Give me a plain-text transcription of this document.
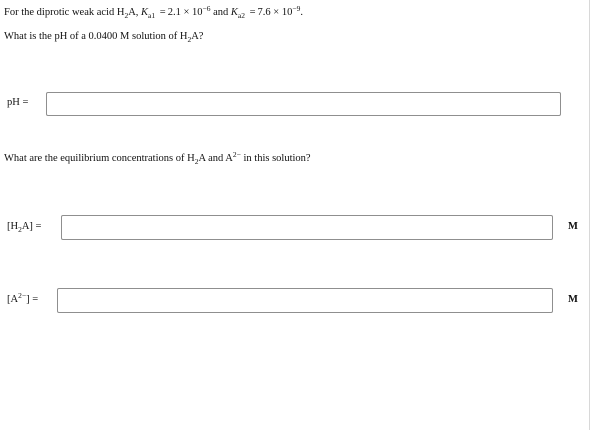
For the diprotic weak acid $H_2A$, $K_{a1} = 2.1 \times 10^{-6}$ and $K_{a2} = 7.6 \times 10^{-9}$.
What is the pH of a 0.0400 M solution of $H_2A$?
pH =
What are the equilibrium concentrations of $H_2A$ and $A^{2-}$ in this solution?
$[H_2A]$ =	M
$[A^{2-}]$ =	M
